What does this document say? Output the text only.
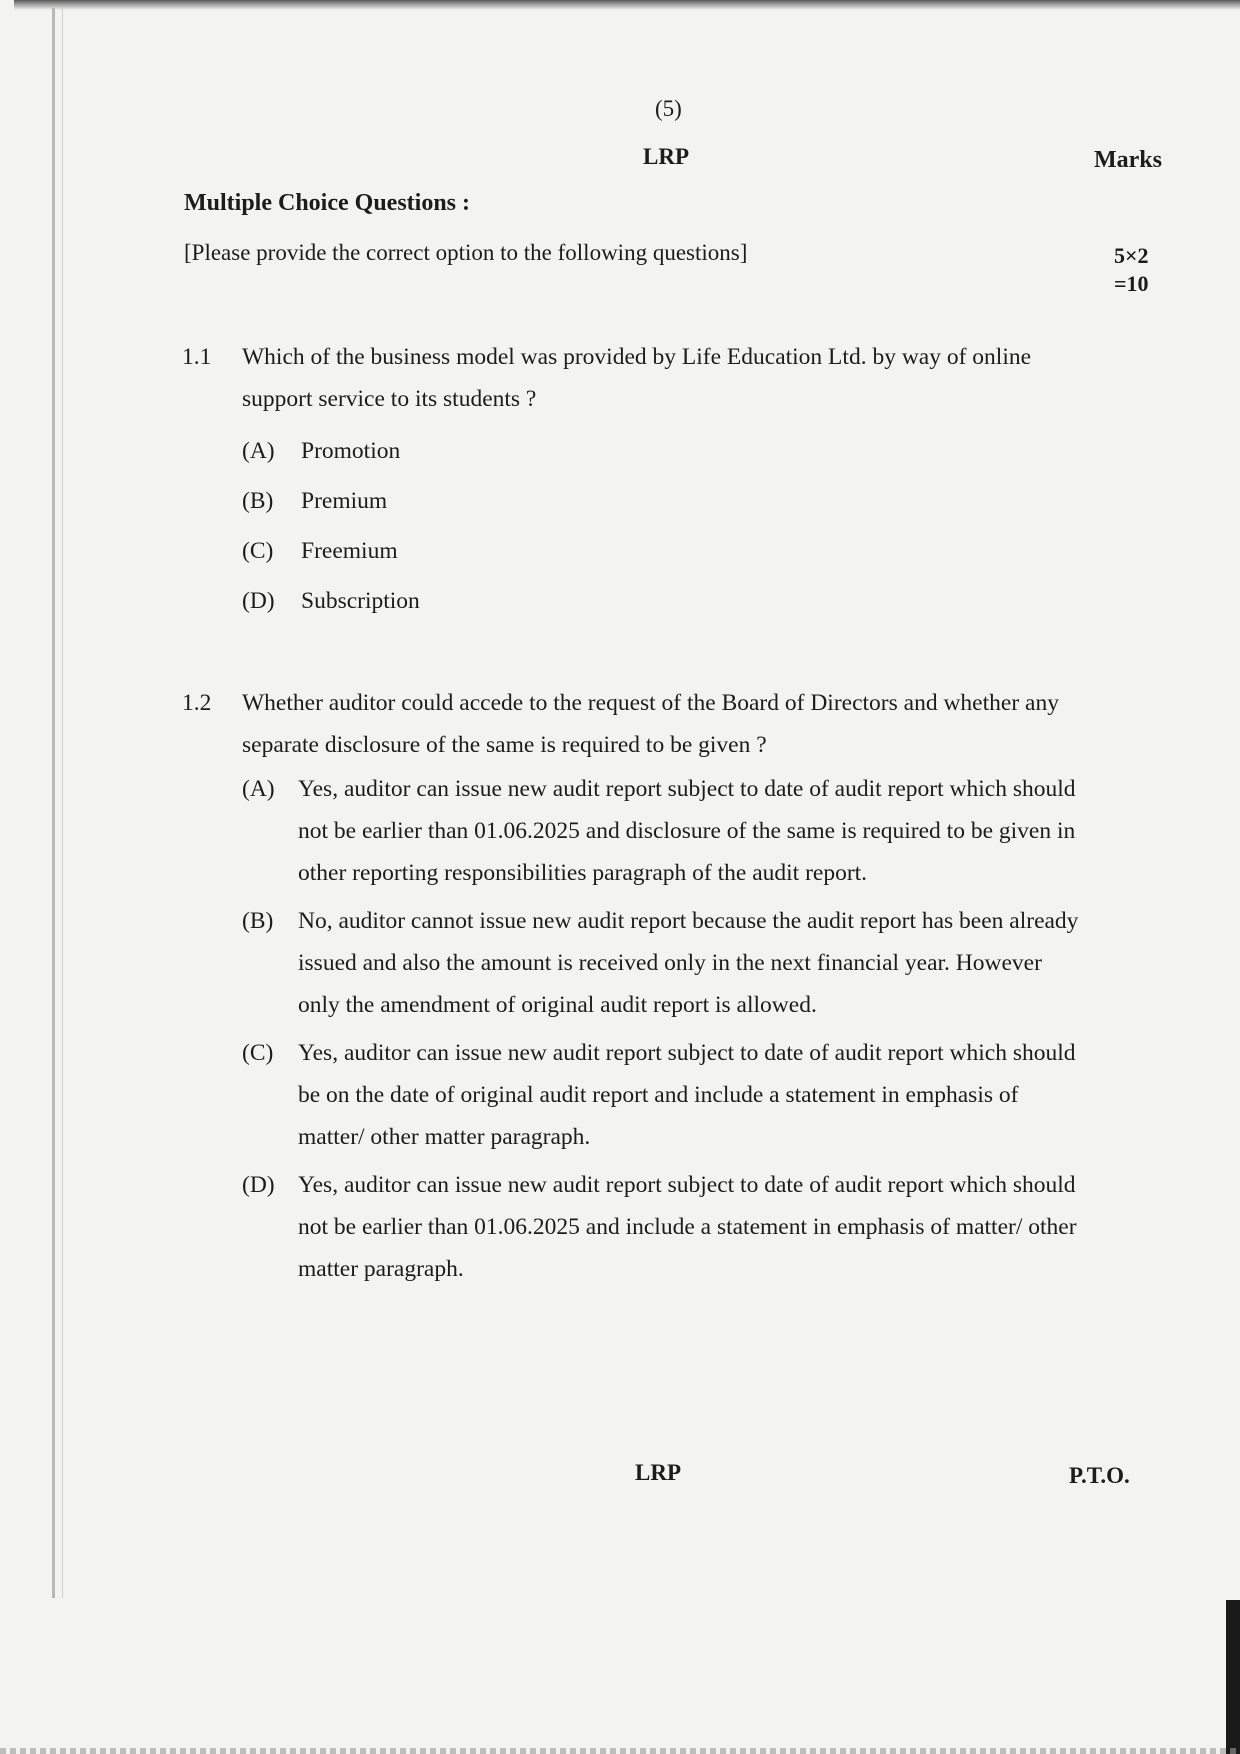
(5)
LRP	Marks
Multiple Choice Questions :
[Please provide the correct option to the following questions]	5×2
=10
1.1 Which of the business model was provided by Life Education Ltd. by way of online support service to its students ?
(A)	Promotion
(B)	Premium
(C)	Freemium
(D)	Subscription
1.2 Whether auditor could accede to the request of the Board of Directors and whether any separate disclosure of the same is required to be given ?
(A) Yes, auditor can issue new audit report subject to date of audit report which should not be earlier than 01.06.2025 and disclosure of the same is required to be given in other reporting responsibilities paragraph of the audit report.
(B)	No, auditor cannot issue new audit report because the audit report has been already issued and also the amount is received only in the next financial year. However only the amendment of original audit report is allowed.
(C)	Yes, auditor can issue new audit report subject to date of audit report which should be on the date of original audit report and include a statement in emphasis of matter/ other matter paragraph.
(D) Yes, auditor can issue new audit report subject to date of audit report which should not be earlier than 01.06.2025 and include a statement in emphasis of matter/ other matter paragraph.
LRP	P.T.O.
